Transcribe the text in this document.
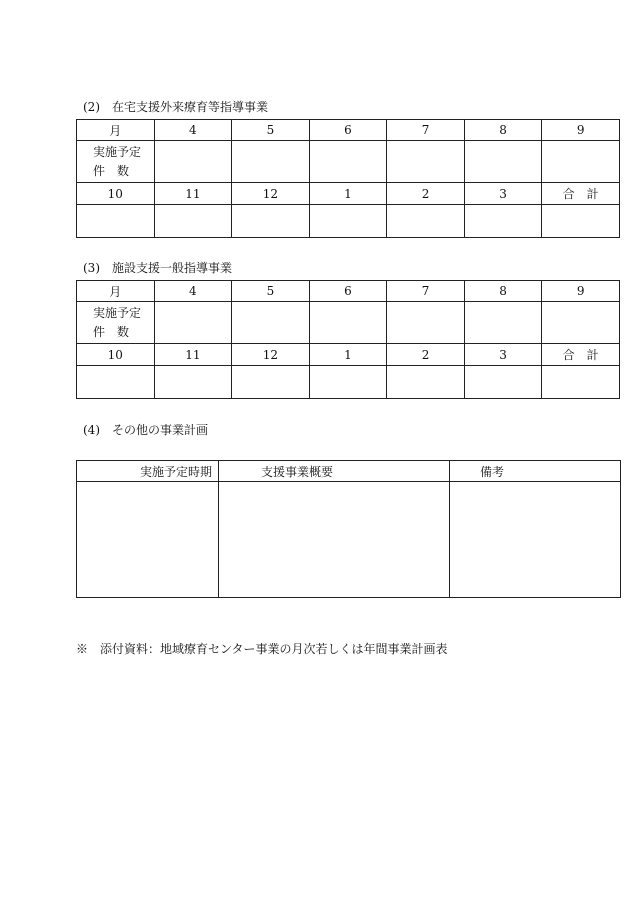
(2)　在宅支援外来療育等指導事業
月	4	5	6	7	8	9

実施予定
件　数						

10	11	12	1	2	3	合　計

(3)　施設支援一般指導事業
月	4	5	6	7	8	9

実施予定
件　数						

10	11	12	1	2	3	合　計

(4)　その他の事業計画
実施予定時期	支援事業概要	備考

※　添付資料：地域療育センター事業の月次若しくは年間事業計画表
